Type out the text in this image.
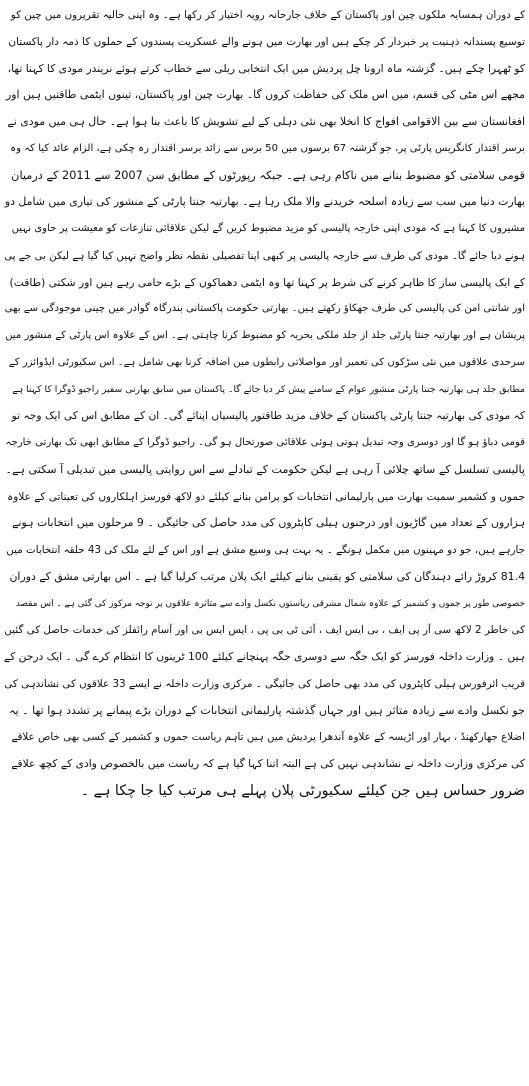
کے دوران ہمسایہ ملکوں چین اور پاکستان کے خلاف جارحانہ رویہ اختیار کر رکھا ہے۔ وہ اپنی حالیہ تقریروں میں چین کو
توسیع پسندانہ ذہنیت پر خبردار کر چکے ہیں اور بھارت میں ہونے والے عسکریت پسندوں کے حملوں کا ذمہ دار پاکستان
کو ٹھہرا چکے ہیں۔ گزشتہ ماہ ارونا چل پردیش میں ایک انتخابی ریلی سے خطاب کرتے ہوئے نریندر مودی کا کہنا تھا،
مجھے اس مٹی کی قسم، میں اس ملک کی حفاظت کروں گا۔ بھارت چین اور پاکستان، تینوں ایٹمی طاقتیں ہیں اور
افغانستان سے بین الاقوامی افواج کا انخلا بھی نئی دہلی کے لیے تشویش کا باعث بنا ہوا ہے۔ حال ہی میں مودی نے
برسر اقتدار کانگریس پارٹی پر، جو گزشتہ 67 برسوں میں 50 برس سے زائد برسر اقتدار رہ چکی ہے، الزام عائد کیا کہ وہ
قومی سلامتی کو مضبوط بنانے میں ناکام رہی ہے۔ جبکہ رپورٹوں کے مطابق سن 2007 سے 2011 کے درمیان
بھارت دنیا میں سب سے زیادہ اسلحہ خریدنے والا ملک رہا ہے۔ بھارتیہ جنتا پارٹی کے منشور کی تیاری میں شامل دو
مشیروں کا کہنا ہے کہ مودی اپنی خارجہ پالیسی کو مزید مضبوط کریں گے لیکن علاقائی تنازعات کو معیشت پر حاوی نہیں
ہونے دیا جائے گا۔ مودی کی طرف سے خارجہ پالیسی پر کبھی اپنا تفصیلی نقطہ نظر واضح نہیں کیا گیا ہے لیکن بی جے پی
کے ایک پالیسی ساز کا ظاہر کرنے کی شرط پر کہنا تھا وہ ایٹمی دھماکوں کے بڑے حامی رہے ہیں اور شکتی (طاقت)
اور شانتی امن کی پالیسی کی طرف جھکاؤ رکھتے ہیں۔ بھارتی حکومت پاکستانی بندرگاہ گوادر میں چینی موجودگی سے بھی
پریشان ہے اور بھارتیہ جنتا پارٹی جلد از جلد ملکی بحریہ کو مضبوط کرنا چاہتی ہے۔ اس کے علاوہ اس پارٹی کے منشور میں
سرحدی علاقوں میں نئی سڑکوں کی تعمیر اور مواصلاتی رابطوں میں اضافہ کرنا بھی شامل ہے۔ اس سکیورٹی ایڈوائزر کے
مطابق جلد ہی بھارتیہ جنتا پارٹی منشور عوام کے سامنے پیش کر دیا جائے گا۔ پاکستان میں سابق بھارتی سفیر راجیو ڈوگرا کا کہنا ہے
کہ مودی کی بھارتیہ جنتا پارٹی پاکستان کے خلاف مزید طاقتور پالیسیاں اپنائے گی۔ ان کے مطابق اس کی ایک وجہ تو
قومی دباؤ ہو گا اور دوسری وجہ تبدیل ہوتی ہوئی علاقائی صورتحال ہو گی۔ راجیو ڈوگرا کے مطابق ابھی تک بھارتی خارجہ
پالیسی تسلسل کے ساتھ چلائی آ رہی ہے لیکن حکومت کے تبادلے سے اس روایتی پالیسی میں تبدیلی آ سکتی ہے۔
جموں و کشمیر سمیت بھارت میں پارلیمانی انتخابات کو پرامن بنانے کیلئے دو لاکھ فورسز اہلکاروں کی تعیناتی کے علاوہ
ہزاروں کے تعداد میں گاڑیوں اور درجنوں ہیلی کاپٹروں کی مدد حاصل کی جائیگی ۔ 9 مرحلوں میں انتخابات ہونے
جارہے ہیں، جو دو مہینوں میں مکمل ہونگے ۔ یہ بہت ہی وسیع مشق ہے اور اس کے لئے ملک کی 43 حلقہ انتخابات میں
81.4 کروڑ رائے دہندگان کی سلامتی کو یقینی بنانے کیلئے ایک پلان مرتب کرلیا گیا ہے ۔ اس بھارتی مشق کے دوران
خصوصی طور پر جموں و کشمیر کے علاوہ شمال مشرقی ریاستوں نکسل وادے سے متاثرہ علاقوں پر توجہ مرکوز کی گئی ہے ۔ اس مقصد
کی خاطر 2 لاکھ سی آر پی ایف ، بی ایس ایف ، آئی ٹی بی پی ، ایس ایس بی اور آسام رائفلز کی خدمات حاصل کی گئیں
ہیں ۔ وزارت داخلہ فورسز کو ایک جگہ سے دوسری جگہ پہنچانے کیلئے 100 ٹرینوں کا انتظام کرے گی ۔ ایک درجن کے
قریب ائرفورس ہیلی کاپٹروں کی مدد بھی حاصل کی جائیگی ۔ مرکزی وزارت داخلہ نے ایسے 33 علاقوں کی نشاندہی کی
جو نکسل وادے سے زیادہ متاثر ہیں اور جہاں گذشتہ پارلیمانی انتخابات کے دوران بڑے پیمانے پر تشدد ہوا تھا ۔ یہ
اضلاع جھارکھنڈ ، بہار اور اڑیسہ کے علاوہ آندھرا پردیش میں ہیں تاہم ریاست جموں و کشمیر کے کسی بھی خاص علاقے
کی مرکزی وزارت داخلہ نے نشاندہی نہیں کی ہے البتہ اتنا کہا گیا ہے کہ ریاست میں بالخصوص وادی کے کچھ علاقے
ضرور حساس ہیں جن کیلئے سکیورٹی پلان پہلے ہی مرتب کیا جا چکا ہے ۔
